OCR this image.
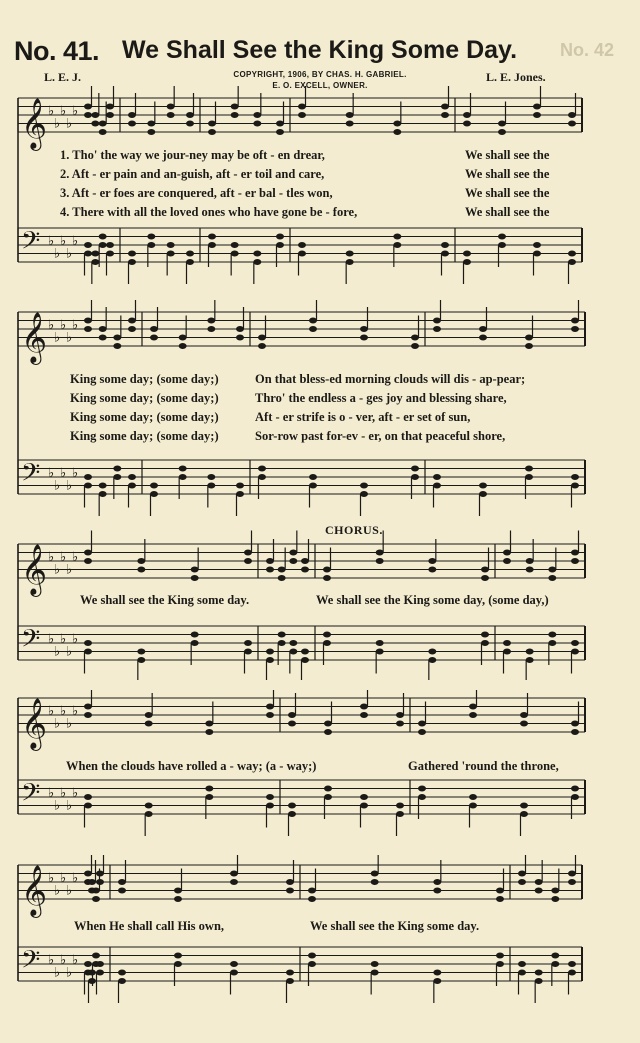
No. 41. We Shall See the King Some Day. No. 42
L. E. J.	L. E. Jones.
COPYRIGHT, 1906, BY CHAS. H. GABRIEL.
E. O. EXCELL, OWNER.
𝄞 ♭
♭
♭
♭
♭
𝄢 ♭
♭
♭
♭
♭
1. Tho' the way we jour-ney may be oft - en drear,	We shall see the
2. Aft - er pain and an-guish, aft - er toil and care,	We shall see the
3. Aft - er foes are conquered, aft - er bal - tles won,	We shall see the
4. There with all the loved ones who have gone be - fore,	We shall see the
𝄞 ♭
♭
♭
♭
♭
𝄢 ♭
♭
♭
♭
♭
King some day; (some day;)	On that bless-ed morning clouds will dis - ap-pear;
King some day; (some day;)	Thro' the endless a - ges joy and blessing share,
King some day; (some day;)	Aft - er strife is o - ver, aft - er set of sun,
King some day; (some day;)	Sor-row past for-ev - er, on that peaceful shore,
CHORUS.
𝄞 ♭
♭
♭
♭
♭
𝄢 ♭
♭
♭
♭
♭
We shall see the King some day.	We shall see the King some day, (some day,)
𝄞 ♭
♭
♭
♭
♭
𝄢 ♭
♭
♭
♭
♭
When the clouds have rolled a - way; (a - way;)	Gathered 'round the throne,
𝄞 ♭
♭
♭
♭
♭
𝄢 ♭
♭
♭
♭
♭
When He shall call His own,	We shall see the King some day.
